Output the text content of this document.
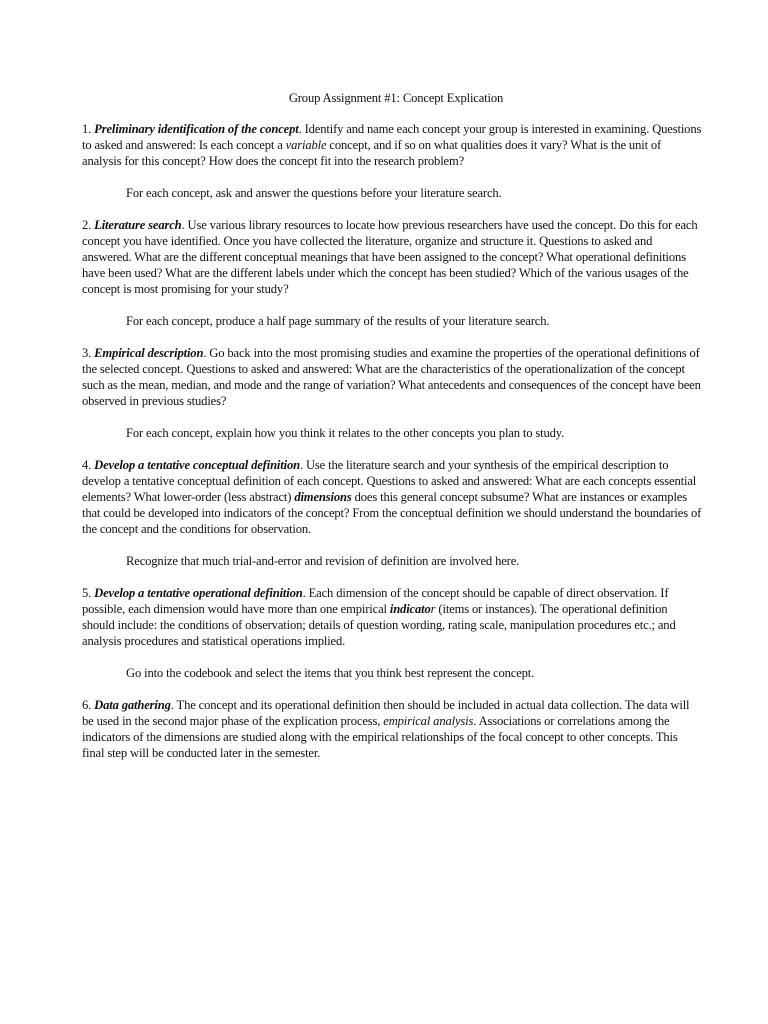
Group Assignment #1: Concept Explication

1. Preliminary identification of the concept. Identify and name each concept your group is interested in examining. Questions to asked and answered: Is each concept a variable concept, and if so on what qualities does it vary? What is the unit of analysis for this concept? How does the concept fit into the research problem?

For each concept, ask and answer the questions before your literature search.

2. Literature search. Use various library resources to locate how previous researchers have used the concept. Do this for each concept you have identified. Once you have collected the literature, organize and structure it. Questions to asked and answered. What are the different conceptual meanings that have been assigned to the concept? What operational definitions have been used? What are the different labels under which the concept has been studied? Which of the various usages of the concept is most promising for your study?

For each concept, produce a half page summary of the results of your literature search.

3. Empirical description. Go back into the most promising studies and examine the properties of the operational definitions of the selected concept. Questions to asked and answered: What are the characteristics of the operationalization of the concept such as the mean, median, and mode and the range of variation? What antecedents and consequences of the concept have been observed in previous studies?

For each concept, explain how you think it relates to the other concepts you plan to study.

4. Develop a tentative conceptual definition. Use the literature search and your synthesis of the empirical description to develop a tentative conceptual definition of each concept. Questions to asked and answered: What are each concepts essential elements? What lower-order (less abstract) dimensions does this general concept subsume? What are instances or examples that could be developed into indicators of the concept? From the conceptual definition we should understand the boundaries of the concept and the conditions for observation.

Recognize that much trial-and-error and revision of definition are involved here.

5. Develop a tentative operational definition. Each dimension of the concept should be capable of direct observation. If possible, each dimension would have more than one empirical indicator (items or instances). The operational definition should include: the conditions of observation; details of question wording, rating scale, manipulation procedures etc.; and analysis procedures and statistical operations implied.

Go into the codebook and select the items that you think best represent the concept.

6. Data gathering. The concept and its operational definition then should be included in actual data collection. The data will be used in the second major phase of the explication process, empirical analysis. Associations or correlations among the indicators of the dimensions are studied along with the empirical relationships of the focal concept to other concepts. This final step will be conducted later in the semester.
